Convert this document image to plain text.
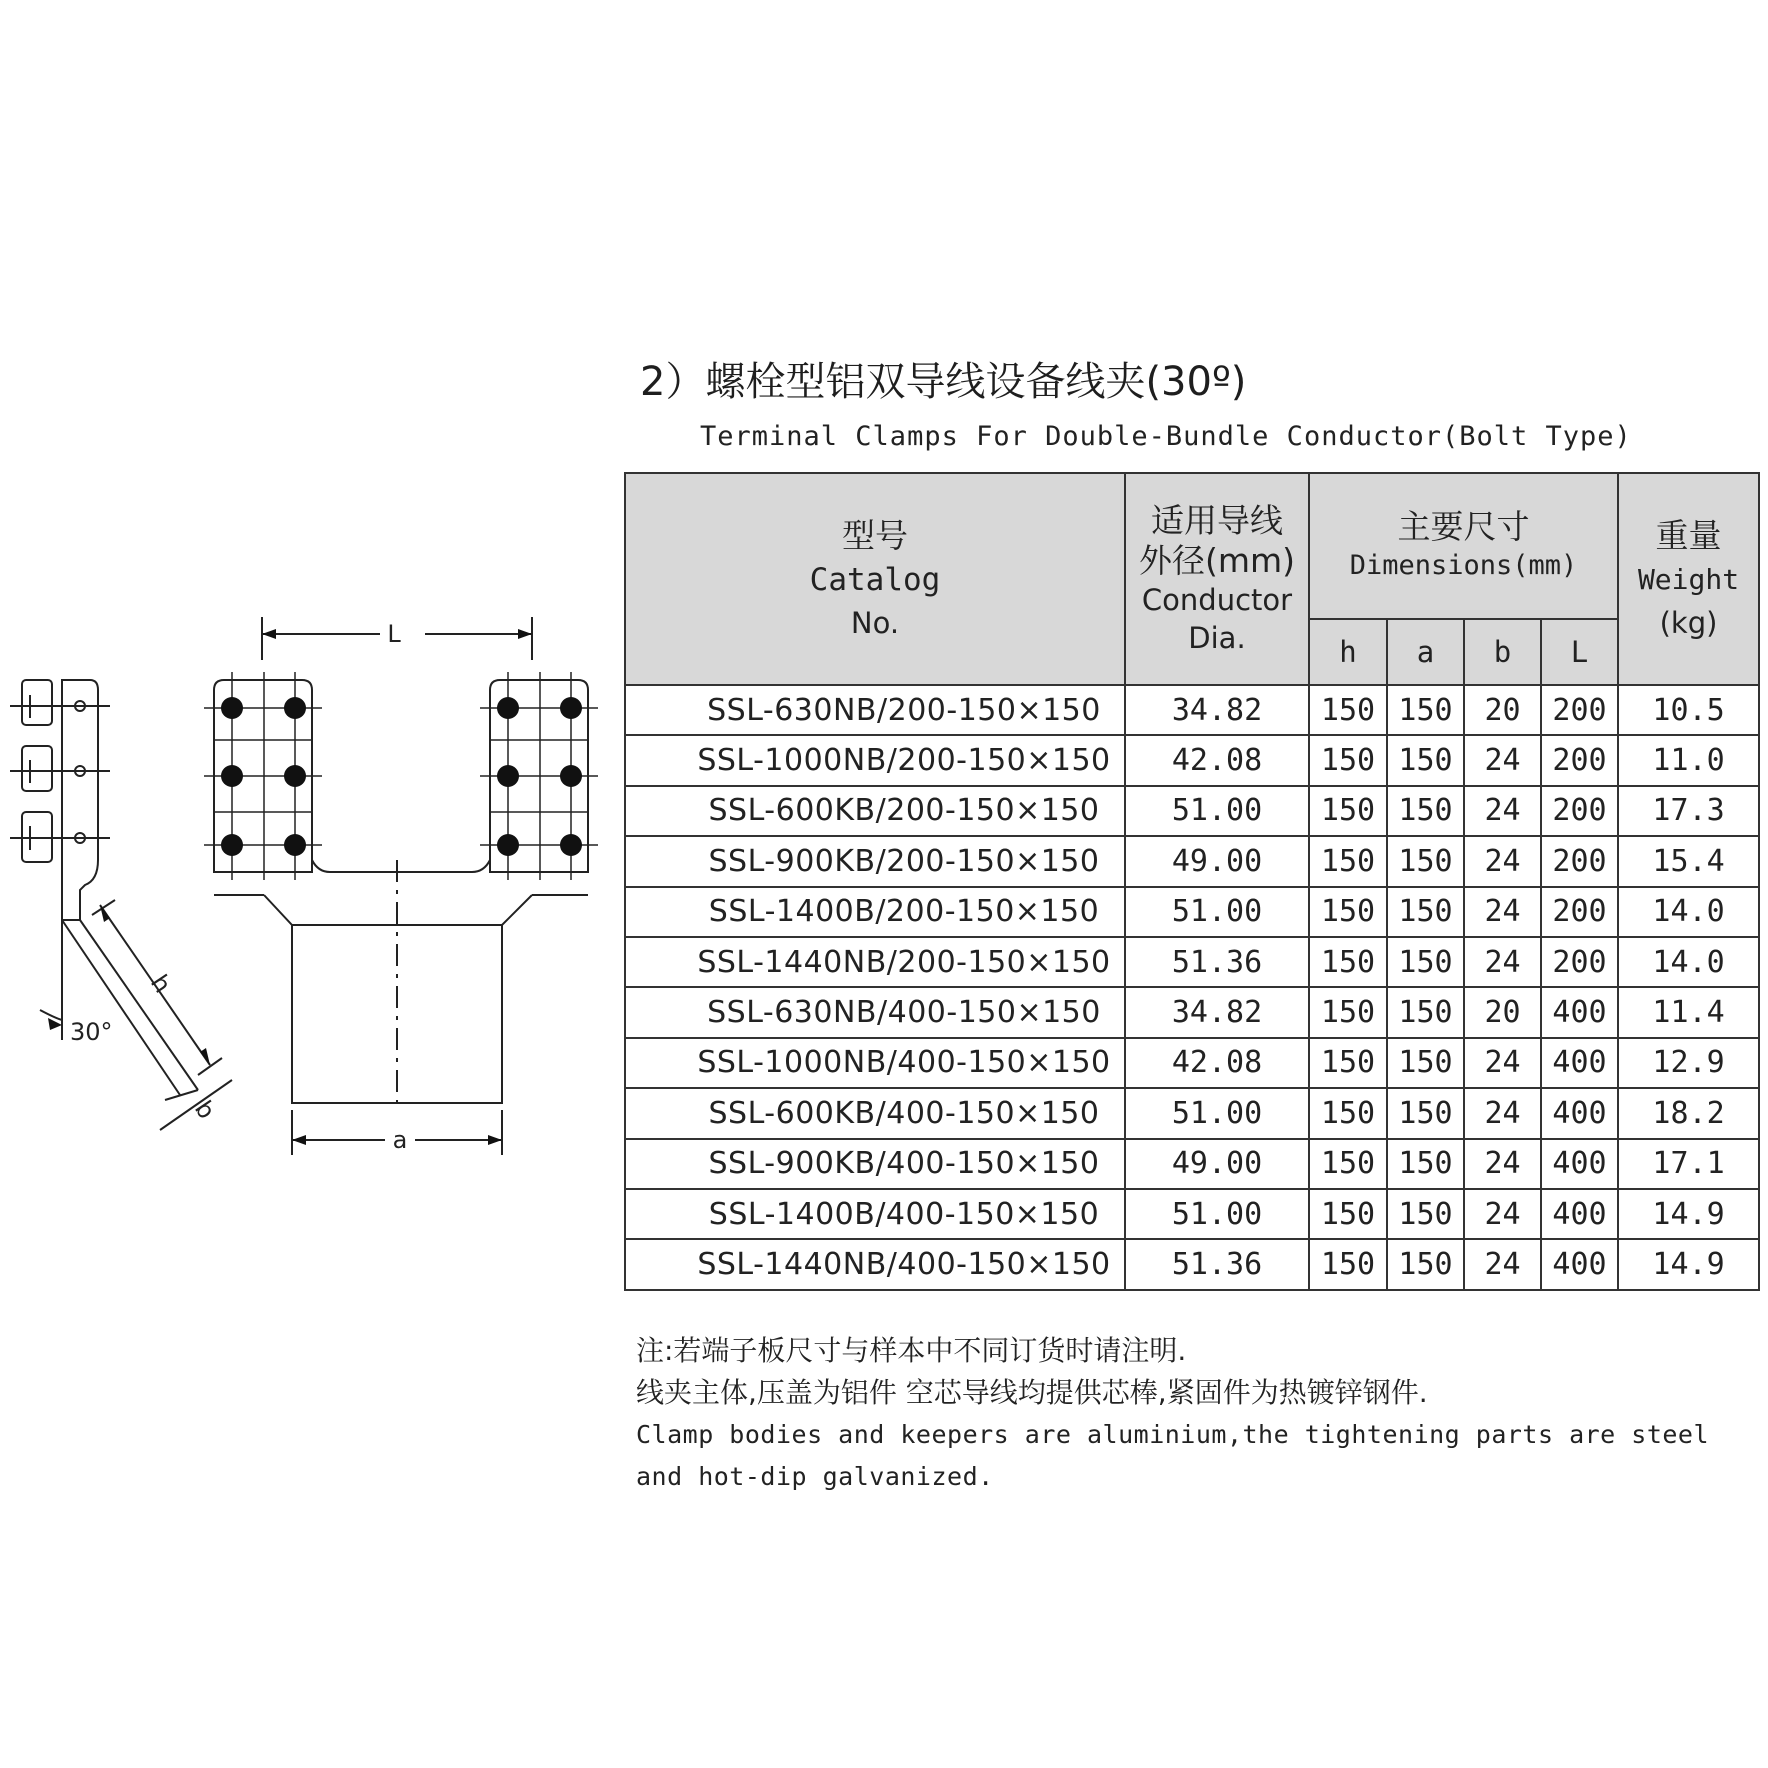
2）螺栓型铝双导线设备线夹(30º)
Terminal Clamps For Double-Bundle Conductor(Bolt Type)
L
a
h
b
30°
型号
Catalog
No.	适用导线
外径(mm)
Conductor
Dia.	主要尺寸
Dimensions(mm)				重量
Weight
(kg)

		h	a	b	L	
SSL-630NB/200-150×150	34.82	150	150	20	200	10.5
SSL-1000NB/200-150×150	42.08	150	150	24	200	11.0
SSL-600KB/200-150×150	51.00	150	150	24	200	17.3
SSL-900KB/200-150×150	49.00	150	150	24	200	15.4
SSL-1400B/200-150×150	51.00	150	150	24	200	14.0
SSL-1440NB/200-150×150	51.36	150	150	24	200	14.0
SSL-630NB/400-150×150	34.82	150	150	20	400	11.4
SSL-1000NB/400-150×150	42.08	150	150	24	400	12.9
SSL-600KB/400-150×150	51.00	150	150	24	400	18.2
SSL-900KB/400-150×150	49.00	150	150	24	400	17.1
SSL-1400B/400-150×150	51.00	150	150	24	400	14.9
SSL-1440NB/400-150×150	51.36	150	150	24	400	14.9
注:若端子板尺寸与样本中不同订货时请注明.
线夹主体,压盖为铝件 空芯导线均提供芯棒,紧固件为热镀锌钢件.
Clamp bodies and keepers are aluminium,the tightening parts are steel
and hot-dip galvanized.
